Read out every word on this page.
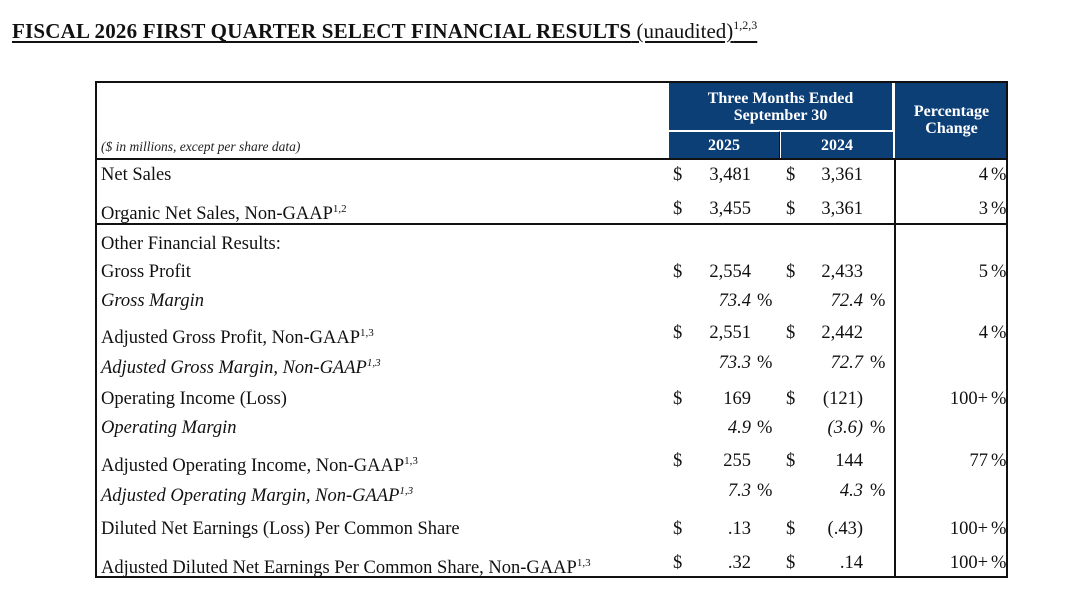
FISCAL 2026 FIRST QUARTER SELECT FINANCIAL RESULTS (unaudited)$^{1,2,3}$
($ in millions, except per share data)
Three Months Ended
September 30
2025	2024
Percentage
Change
Net Sales	$	3,481 $	3,361	4 %
Organic Net Sales, Non-GAAP$^{1,2}$	$	3,455 $	3,361	3 %
Other Financial Results:
Gross Profit	$	2,554 $	2,433	5 %
Gross Margin	73.4 %	72.4 %
Adjusted Gross Profit, Non-GAAP$^{1,3}$	$	2,551 $	2,442	4 %
Adjusted Gross Margin, Non-GAAP$^{1,3}$	73.3 %	72.7 %
Operating Income (Loss)	$	169 $	(121)	100+ %
Operating Margin	4.9 %	(3.6) %
Adjusted Operating Income, Non-GAAP$^{1,3}$	$	255 $	144	77 %
Adjusted Operating Margin, Non-GAAP$^{1,3}$	7.3 %	4.3 %
Diluted Net Earnings (Loss) Per Common Share	$	.13 $	(.43)	100+ %
Adjusted Diluted Net Earnings Per Common Share, Non-GAAP$^{1,3}$	$	.32 $	.14	100+ %
